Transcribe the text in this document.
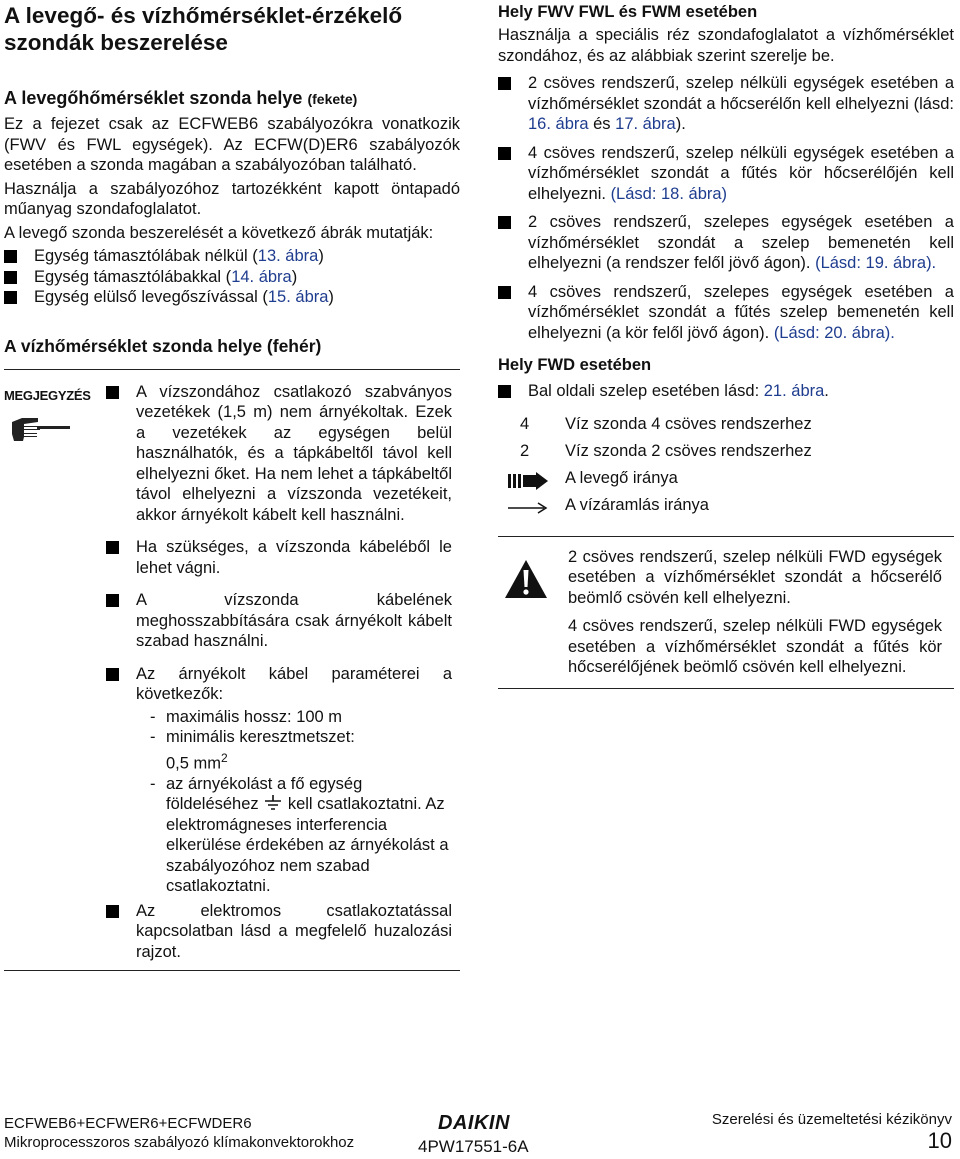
A levegő- és vízhőmérséklet-érzékelő szondák beszerelése
A levegőhőmérséklet szonda helye (fekete)

Ez a fejezet csak az ECFWEB6 szabályozókra vonatkozik (FWV és FWL egységek). Az ECFW(D)ER6 szabályozók esetében a szonda magában a szabályozóban található.

Használja a szabályozóhoz tartozékként kapott öntapadó műanyag szondafoglalatot.

A levegő szonda beszerelését a következő ábrák mutatják:

Egység támasztólábak nélkül (13. ábra)
Egység támasztólábakkal (14. ábra)
Egység elülső levegőszívással (15. ábra)
A vízhőmérséklet szonda helye (fehér)
MEGJEGYZÉS	A vízszondához csatlakozó szabványos vezetékek (1,5 m) nem árnyékoltak. Ezek a vezetékek az egységen belül használhatók, és a tápkábeltől távol kell elhelyezni őket. Ha nem lehet a tápkábeltől távol elhelyezni a vízszonda vezetékeit, akkor árnyékolt kábelt kell használni.
Ha szükséges, a vízszonda kábeléből le lehet vágni.
A vízszonda kábelének meghosszabbítására csak árnyékolt kábelt szabad használni.
Az árnyékolt kábel paraméterei a következők:
- maximális hossz: 100 m
- minimális keresztmetszet:
0,5 $mm^2$
- az árnyékolást a fő egység földeléséhez kell csatlakoztatni. Az elektromágneses interferencia elkerülése érdekében az árnyékolást a szabályozóhoz nem szabad csatlakoztatni.
Az elektromos csatlakoztatással kapcsolatban lásd a megfelelő huzalozási rajzot.
Hely FWV FWL és FWM esetében

Használja a speciális réz szondafoglalatot a vízhőmérséklet szondához, és az alábbiak szerint szerelje be.

2 csöves rendszerű, szelep nélküli egységek esetében a vízhőmérséklet szondát a hőcserélőn kell elhelyezni (lásd: 16. ábra és 17. ábra).
4 csöves rendszerű, szelep nélküli egységek esetében a vízhőmérséklet szondát a fűtés kör hőcserélőjén kell elhelyezni. (Lásd: 18. ábra)
2 csöves rendszerű, szelepes egységek esetében a vízhőmérséklet szondát a szelep bemenetén kell elhelyezni (a rendszer felől jövő ágon). (Lásd: 19. ábra).
4 csöves rendszerű, szelepes egységek esetében a vízhőmérséklet szondát a fűtés szelep bemenetén kell elhelyezni (a kör felől jövő ágon). (Lásd: 20. ábra).
Hely FWD esetében
Bal oldali szelep esetében lásd: 21. ábra.
4 Víz szonda 4 csöves rendszerhez
2 Víz szonda 2 csöves rendszerhez
A levegő iránya
A vízáramlás iránya

2 csöves rendszerű, szelep nélküli FWD egységek esetében a vízhőmérséklet szondát a hőcserélő beömlő csövén kell elhelyezni.

4 csöves rendszerű, szelep nélküli FWD egységek esetében a vízhőmérséklet szondát a fűtés kör hőcserélőjének beömlő csövén kell elhelyezni.

ECFWEB6+ECFWER6+ECFWDER6
Mikroprocesszoros szabályozó klímakonvektorokhoz
DAIKIN
4PW17551-6A
Szerelési és üzemeltetési kézikönyv
10
